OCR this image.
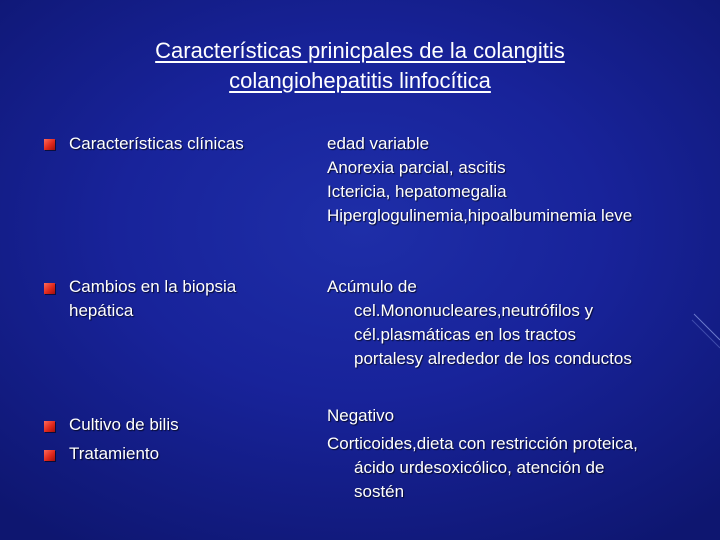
Características prinicpales de la colangitis
colangiohepatitis linfocítica
Características clínicas	edad variable
Anorexia parcial, ascitis
Ictericia, hepatomegalia
Hiperglogulinemia,hipoalbuminemia leve
Cambios en la biopsia
hepática
Acúmulo de
cel.Mononucleares,neutrófilos y
cél.plasmáticas en los tractos
portalesy alrededor de los conductos
Cultivo de bilis	Negativo
Tratamiento
Corticoides,dieta con restricción proteica,
ácido urdesoxicólico, atención de
sostén
